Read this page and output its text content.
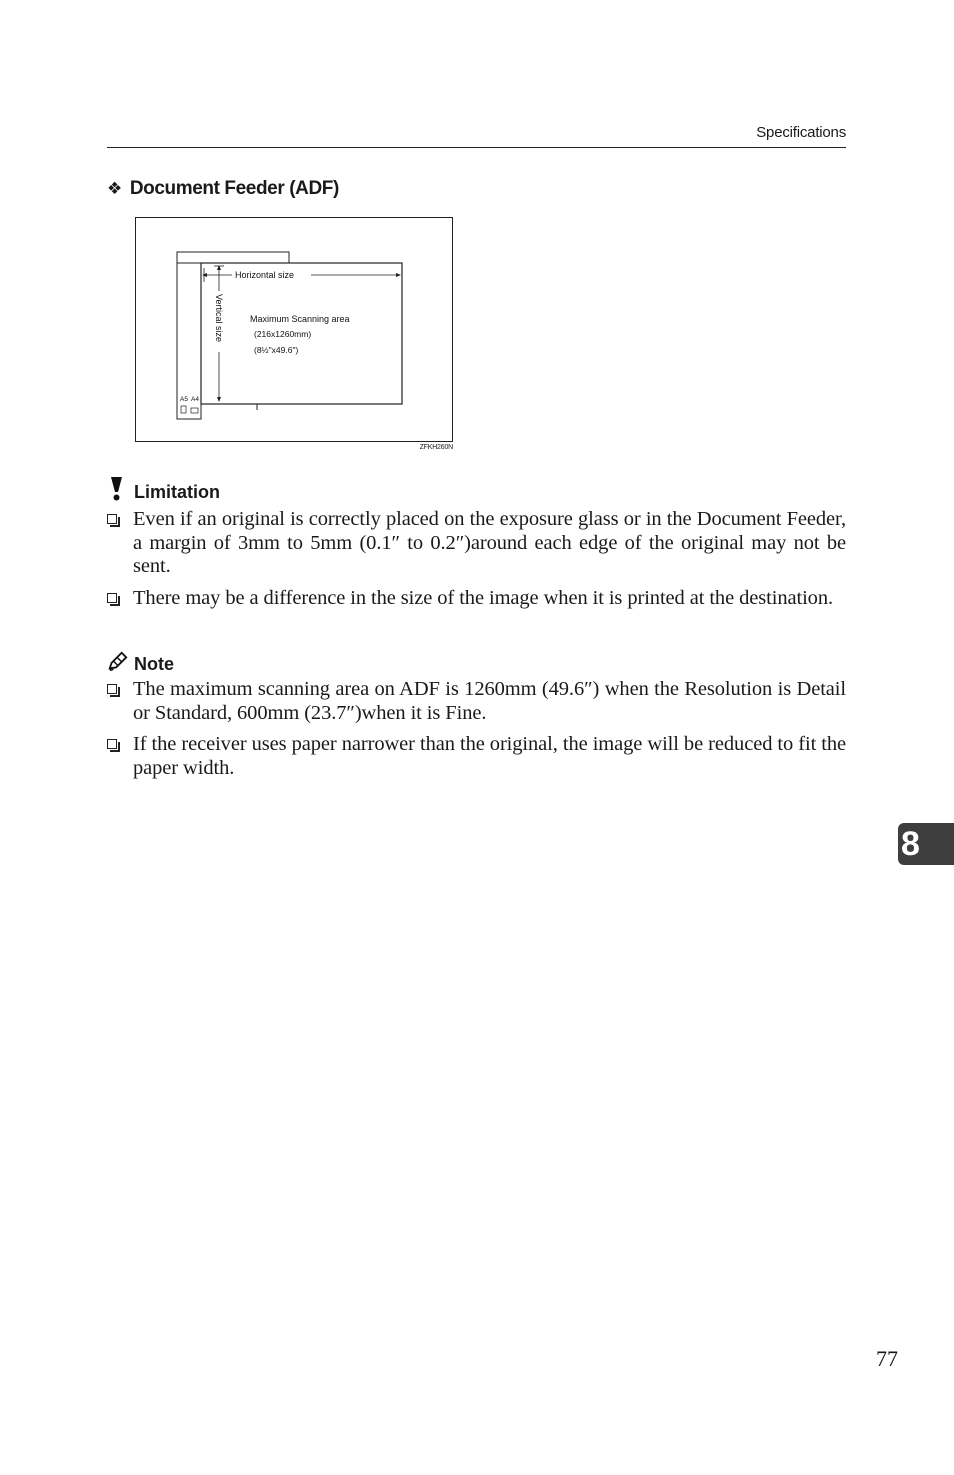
Specifications
❖ Document Feeder (ADF)
Horizontal size
Vertical size	Maximum Scanning area
(216x1260mm)
(8½"x49.6")
A5 A4
ZFKH260N
Limitation
Even if an original is correctly placed on the exposure glass or in the Document Feeder, a margin of 3mm to 5mm (0.1″ to 0.2″)around each edge of the original may not be sent.
There may be a difference in the size of the image when it is printed at the destination.
Note
The maximum scanning area on ADF is 1260mm (49.6″) when the Resolution is Detail or Standard, 600mm (23.7″)when it is Fine.
If the receiver uses paper narrower than the original, the image will be reduced to fit the paper width.
8
77
